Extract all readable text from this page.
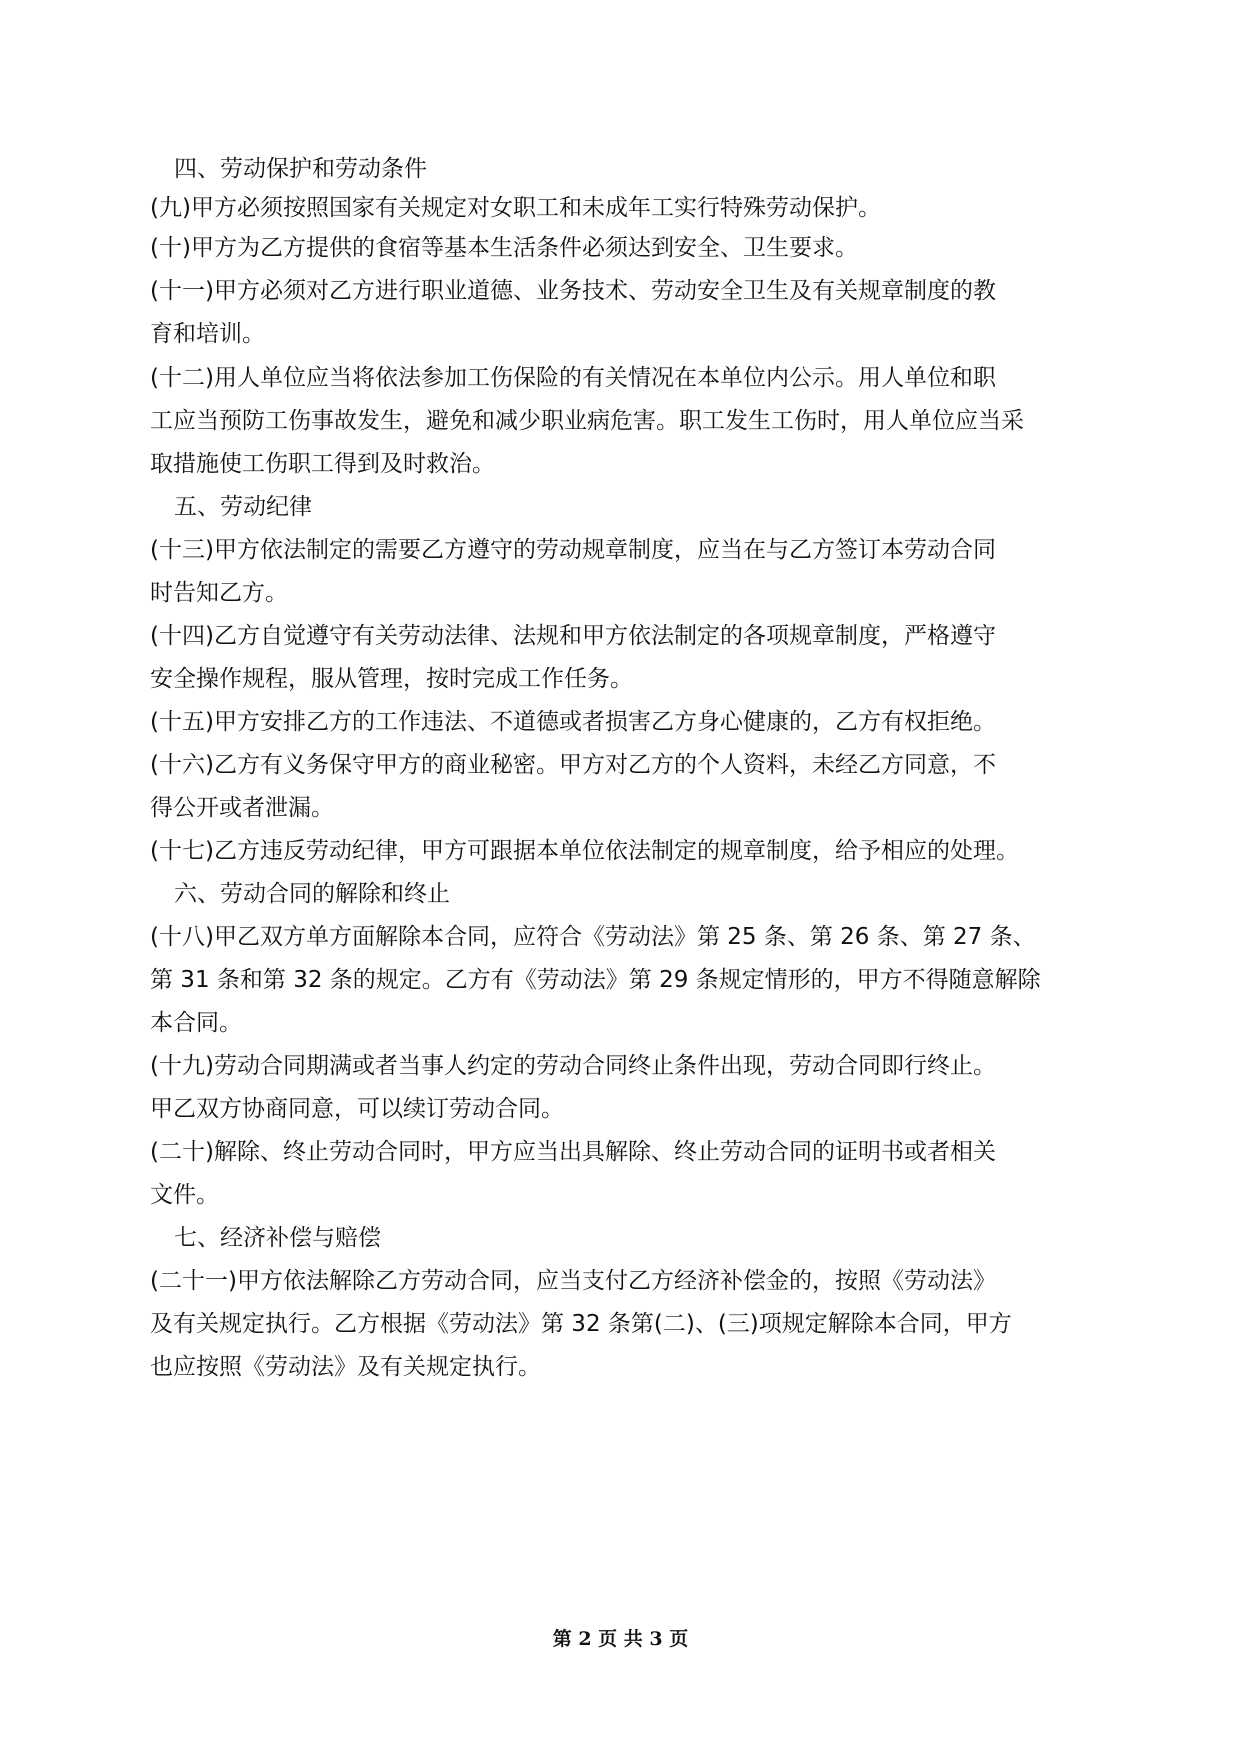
四、劳动保护和劳动条件
(九)甲方必须按照国家有关规定对女职工和未成年工实行特殊劳动保护。
(十)甲方为乙方提供的食宿等基本生活条件必须达到安全、卫生要求。
(十一)甲方必须对乙方进行职业道德、业务技术、劳动安全卫生及有关规章制度的教
育和培训。
(十二)用人单位应当将依法参加工伤保险的有关情况在本单位内公示。用人单位和职
工应当预防工伤事故发生，避免和减少职业病危害。职工发生工伤时，用人单位应当采
取措施使工伤职工得到及时救治。
五、劳动纪律
(十三)甲方依法制定的需要乙方遵守的劳动规章制度，应当在与乙方签订本劳动合同
时告知乙方。
(十四)乙方自觉遵守有关劳动法律、法规和甲方依法制定的各项规章制度，严格遵守
安全操作规程，服从管理，按时完成工作任务。
(十五)甲方安排乙方的工作违法、不道德或者损害乙方身心健康的，乙方有权拒绝。
(十六)乙方有义务保守甲方的商业秘密。甲方对乙方的个人资料，未经乙方同意，不
得公开或者泄漏。
(十七)乙方违反劳动纪律，甲方可跟据本单位依法制定的规章制度，给予相应的处理。
六、劳动合同的解除和终止
(十八)甲乙双方单方面解除本合同，应符合《劳动法》第 25 条、第 26 条、第 27 条、
第 31 条和第 32 条的规定。乙方有《劳动法》第 29 条规定情形的，甲方不得随意解除
本合同。
(十九)劳动合同期满或者当事人约定的劳动合同终止条件出现，劳动合同即行终止。
甲乙双方协商同意，可以续订劳动合同。
(二十)解除、终止劳动合同时，甲方应当出具解除、终止劳动合同的证明书或者相关
文件。
七、经济补偿与赔偿
(二十一)甲方依法解除乙方劳动合同，应当支付乙方经济补偿金的，按照《劳动法》
及有关规定执行。乙方根据《劳动法》第 32 条第(二)、(三)项规定解除本合同，甲方
也应按照《劳动法》及有关规定执行。
第 2 页 共 3 页
